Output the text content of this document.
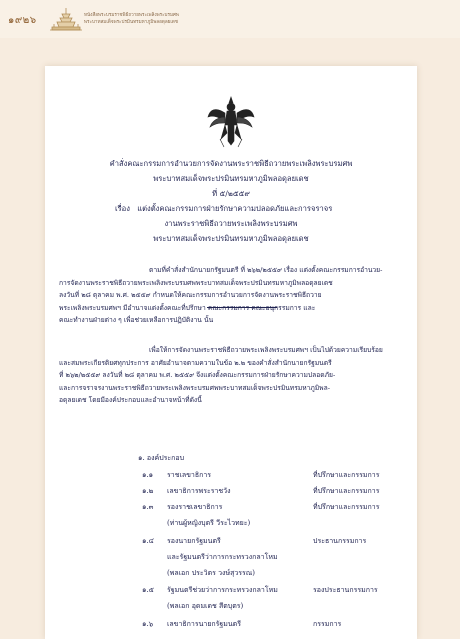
๑๙๒๖	หนังสือพระบรมราชพิธีถวายพระเพลิงพระบรมศพ
พระบาทสมเด็จพระปรมินทรมหาภูมิพลอดุลยเดช
คำสั่งคณะกรรมการอำนวยการจัดงานพระราชพิธีถวายพระเพลิงพระบรมศพ
พระบาทสมเด็จพระปรมินทรมหาภูมิพลอดุลยเดช
ที่ ๕/๒๕๕๙
เรื่อง แต่งตั้งคณะกรรมการฝ่ายรักษาความปลอดภัยและการจราจร
งานพระราชพิธีถวายพระเพลิงพระบรมศพ
พระบาทสมเด็จพระปรมินทรมหาภูมิพลอดุลยเดช
ตามที่คำสั่งสำนักนายกรัฐมนตรี ที่ ๒๖๒/๒๕๕๙ เรื่อง แต่งตั้งคณะกรรมการอำนวย-
การจัดงานพระราชพิธีถวายพระเพลิงพระบรมศพพระบาทสมเด็จพระปรมินทรมหาภูมิพลอดุลยเดช
ลงวันที่ ๒๘ ตุลาคม พ.ศ. ๒๕๕๙ กำหนดให้คณะกรรมการอำนวยการจัดงานพระราชพิธีถวาย
พระเพลิงพระบรมศพฯ มีอำนาจแต่งตั้งคณะที่ปรึกษา คณะกรรมการ คณะอนุกรรมการ และ
คณะทำงานฝ่ายต่าง ๆ เพื่อช่วยเหลือการปฏิบัติงาน นั้น
เพื่อให้การจัดงานพระราชพิธีถวายพระเพลิงพระบรมศพฯ เป็นไปด้วยความเรียบร้อย
และสมพระเกียรติยศทุกประการ อาศัยอำนาจตามความในข้อ ๒.๒ ของคำสั่งสำนักนายกรัฐมนตรี
ที่ ๒๖๒/๒๕๕๙ ลงวันที่ ๒๘ ตุลาคม พ.ศ. ๒๕๕๙ จึงแต่งตั้งคณะกรรมการฝ่ายรักษาความปลอดภัย-
และการจราจรงานพระราชพิธีถวายพระเพลิงพระบรมศพพระบาทสมเด็จพระปรมินทรมหาภูมิพล-
อดุลยเดช โดยมีองค์ประกอบและอำนาจหน้าที่ดังนี้
๑. องค์ประกอบ
๑.๑ ราชเลขาธิการ	ที่ปรึกษาและกรรมการ
๑.๒ เลขาธิการพระราชวัง	ที่ปรึกษาและกรรมการ
๑.๓ รองราชเลขาธิการ
(ท่านผู้หญิงบุตรี วีระไวทยะ)
ที่ปรึกษาและกรรมการ
๑.๔ รองนายกรัฐมนตรี
และรัฐมนตรีว่าการกระทรวงกลาโหม
(พลเอก ประวิตร วงษ์สุวรรณ)
ประธานกรรมการ
๑.๕ รัฐมนตรีช่วยว่าการกระทรวงกลาโหม
(พลเอก อุดมเดช สีตบุตร)
รองประธานกรรมการ
๑.๖ เลขาธิการนายกรัฐมนตรี	กรรมการ
